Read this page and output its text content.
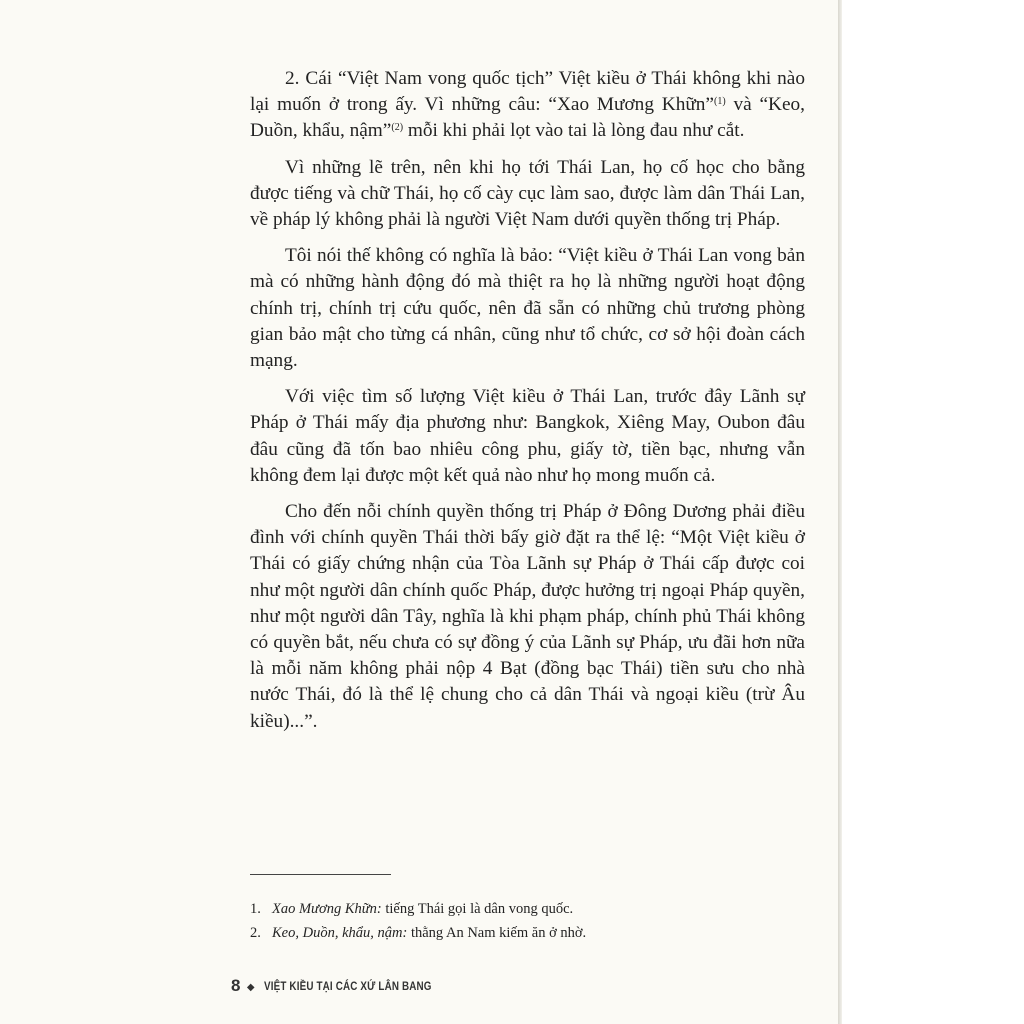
2. Cái “Việt Nam vong quốc tịch” Việt kiều ở Thái không khi nào lại muốn ở trong ấy. Vì những câu: “Xao Mương Khữn”$^{(1)}$ và “Keo, Duồn, khẩu, nậm”$^{(2)}$ mỗi khi phải lọt vào tai là lòng đau như cắt.

Vì những lẽ trên, nên khi họ tới Thái Lan, họ cố học cho bằng được tiếng và chữ Thái, họ cố cày cục làm sao, được làm dân Thái Lan, về pháp lý không phải là người Việt Nam dưới quyền thống trị Pháp.

Tôi nói thế không có nghĩa là bảo: “Việt kiều ở Thái Lan vong bản mà có những hành động đó mà thiệt ra họ là những người hoạt động chính trị, chính trị cứu quốc, nên đã sẵn có những chủ trương phòng gian bảo mật cho từng cá nhân, cũng như tổ chức, cơ sở hội đoàn cách mạng.

Với việc tìm số lượng Việt kiều ở Thái Lan, trước đây Lãnh sự Pháp ở Thái mấy địa phương như: Bangkok, Xiêng May, Oubon đâu đâu cũng đã tốn bao nhiêu công phu, giấy tờ, tiền bạc, nhưng vẫn không đem lại được một kết quả nào như họ mong muốn cả.

Cho đến nỗi chính quyền thống trị Pháp ở Đông Dương phải điều đình với chính quyền Thái thời bấy giờ đặt ra thể lệ: “Một Việt kiều ở Thái có giấy chứng nhận của Tòa Lãnh sự Pháp ở Thái cấp được coi như một người dân chính quốc Pháp, được hưởng trị ngoại Pháp quyền, như một người dân Tây, nghĩa là khi phạm pháp, chính phủ Thái không có quyền bắt, nếu chưa có sự đồng ý của Lãnh sự Pháp, ưu đãi hơn nữa là mỗi năm không phải nộp 4 Bạt (đồng bạc Thái) tiền sưu cho nhà nước Thái, đó là thể lệ chung cho cả dân Thái và ngoại kiều (trừ Âu kiều)...”.

1. Xao Mương Khữn: tiếng Thái gọi là dân vong quốc.

2. Keo, Duồn, khẩu, nậm: thằng An Nam kiếm ăn ở nhờ.

8 ◆ VIỆT KIỀU TẠI CÁC XỨ LÂN BANG
